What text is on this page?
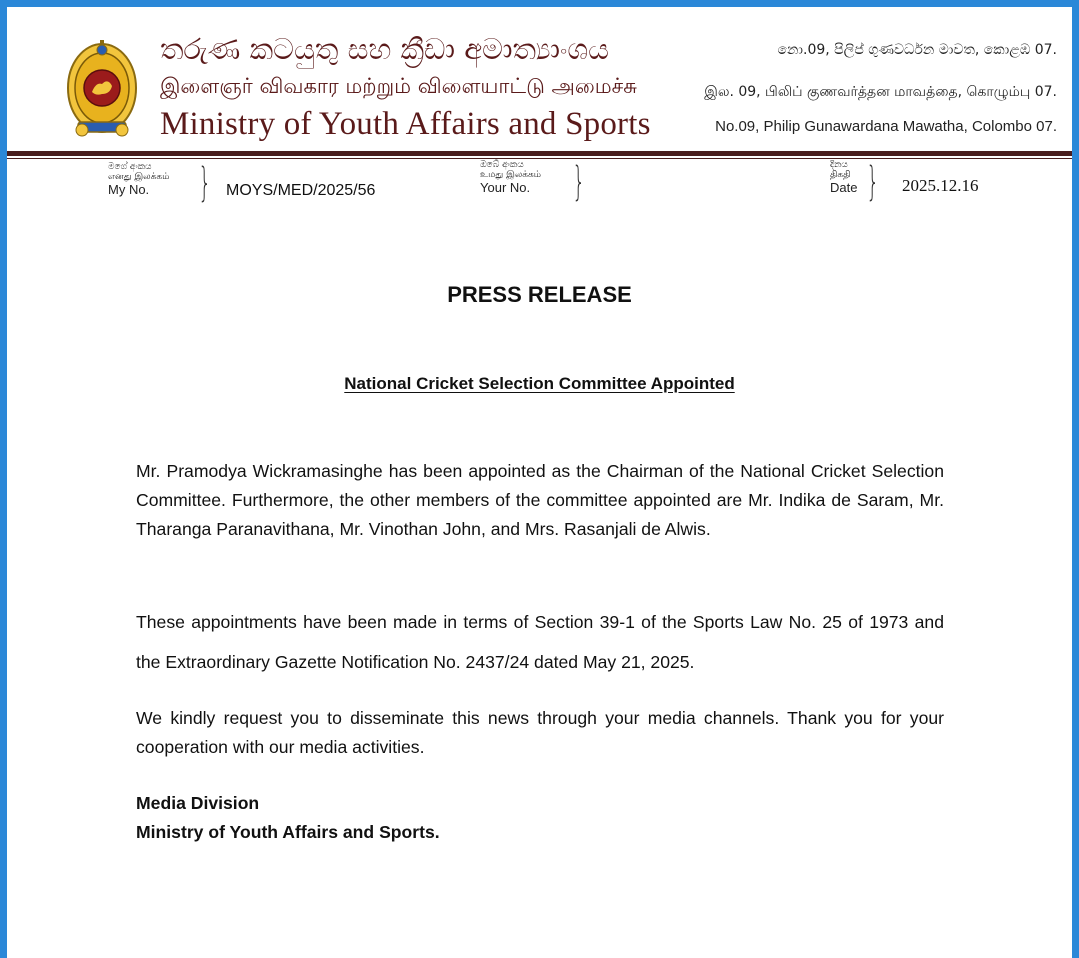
තරුණ කටයුතු සහ ක්‍රීඩා අමාත්‍යාංශය
இளைஞர் விவகார மற்றும் விளையாட்டு அமைச்சு
Ministry of Youth Affairs and Sports
නො.09, පිලිප් ගුණවර්ධන මාවත, කොළඹ 07.
இல. 09, பிலிப் குணவர்த்தன மாவத்தை, கொழும்பு 07.
No.09, Philip Gunawardana Mawatha, Colombo 07.
මගේ අංකය
எனது இலக்கம்
My No.	} MOYS/MED/2025/56
ඔබේ අංකය
உமது இலக்கம்
Your No. }	දිනය
திகதி
Date } 2025.12.16
PRESS RELEASE
National Cricket Selection Committee Appointed

Mr. Pramodya Wickramasinghe has been appointed as the Chairman of the National Cricket Selection Committee. Furthermore, the other members of the committee appointed are Mr. Indika de Saram, Mr. Tharanga Paranavithana, Mr. Vinothan John, and Mrs. Rasanjali de Alwis.

These appointments have been made in terms of Section 39-1 of the Sports Law No. 25 of 1973 and the Extraordinary Gazette Notification No. 2437/24 dated May 21, 2025.

We kindly request you to disseminate this news through your media channels. Thank you for your cooperation with our media activities.

Media Division
Ministry of Youth Affairs and Sports.
